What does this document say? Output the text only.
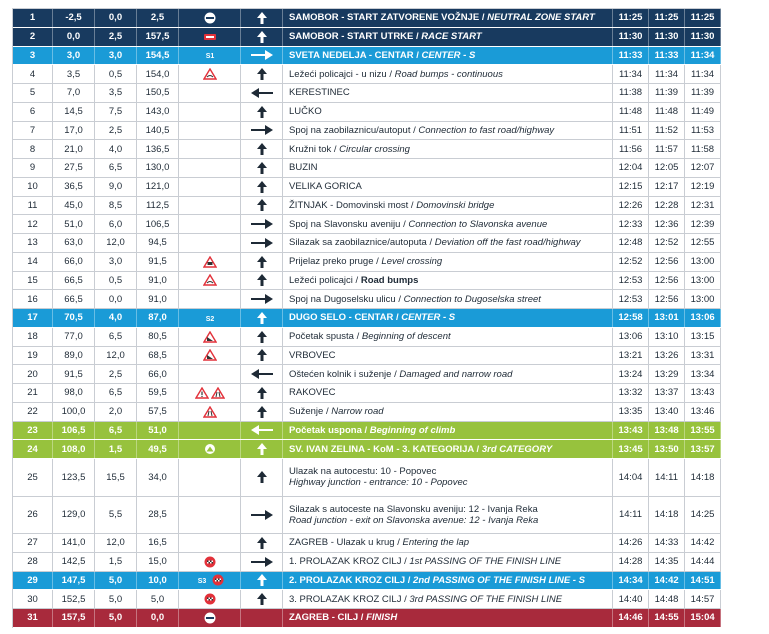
1	-2,5	0,0	2,5	SAMOBOR - START ZATVORENE VOŽNJE / NEUTRAL ZONE START	11:25	11:25	11:25
2	0,0	2,5	157,5	SAMOBOR - START UTRKE / RACE START	11:30	11:30	11:30
3	3,0	3,0	154,5	S1	SVETA NEDELJA - CENTAR / CENTER - S	11:33	11:33	11:34
4	3,5	0,5	154,0	Ležeći policajci - u nizu / Road bumps - continuous	11:34	11:34	11:34
5	7,0	3,5	150,5	KERESTINEC	11:38	11:39	11:39
6	14,5	7,5	143,0	LUČKO	11:48	11:48	11:49
7	17,0	2,5	140,5	Spoj na zaobilaznicu/autoput / Connection to fast road/highway	11:51	11:52	11:53
8	21,0	4,0	136,5	Kružni tok / Circular crossing	11:56	11:57	11:58
9	27,5	6,5	130,0	BUZIN	12:04	12:05	12:07
10	36,5	9,0	121,0	VELIKA GORICA	12:15	12:17	12:19
11	45,0	8,5	112,5	ŽITNJAK - Domovinski most / Domovinski bridge	12:26	12:28	12:31
12	51,0	6,0	106,5	Spoj na Slavonsku aveniju / Connection to Slavonska avenue	12:33	12:36	12:39
13	63,0	12,0	94,5	Silazak sa zaobilaznice/autoputa / Deviation off the fast road/highway	12:48	12:52	12:55
14	66,0	3,0	91,5	Prijelaz preko pruge / Level crossing	12:52	12:56	13:00
15	66,5	0,5	91,0	Ležeći policajci / Road bumps	12:53	12:56	13:00
16	66,5	0,0	91,0	Spoj na Dugoselsku ulicu / Connection to Dugoselska street	12:53	12:56	13:00
17	70,5	4,0	87,0	S2	DUGO SELO - CENTAR / CENTER - S	12:58	13:01	13:06
18	77,0	6,5	80,5	Početak spusta / Beginning of descent	13:06	13:10	13:15
19	89,0	12,0	68,5	VRBOVEC	13:21	13:26	13:31
20	91,5	2,5	66,0	Oštećen kolnik i suženje / Damaged and narrow road	13:24	13:29	13:34
21	98,0	6,5	59,5	RAKOVEC	13:32	13:37	13:43
22	100,0	2,0	57,5	Suženje / Narrow road	13:35	13:40	13:46
23	106,5	6,5	51,0	Početak uspona / Beginning of climb	13:43	13:48	13:55
24	108,0	1,5	49,5	SV. IVAN ZELINA - KoM - 3. KATEGORIJA / 3rd CATEGORY	13:45	13:50	13:57
25	123,5	15,5	34,0	Ulazak na autocestu: 10 - Popovec
Highway junction - entrance: 10 - Popovec	14:04	14:11	14:18
26	129,0	5,5	28,5	Silazak s autoceste na Slavonsku aveniju: 12 - Ivanja Reka
Road junction - exit on Slavonska avenue: 12 - Ivanja Reka	14:11	14:18	14:25
27	141,0	12,0	16,5	ZAGREB - Ulazak u krug / Entering the lap	14:26	14:33	14:42
28	142,5	1,5	15,0	1. PROLAZAK KROZ CILJ / 1st PASSING OF THE FINISH LINE	14:28	14:35	14:44
29	147,5	5,0	10,0	S3	2. PROLAZAK KROZ CILJ / 2nd PASSING OF THE FINISH LINE - S	14:34	14:42	14:51
30	152,5	5,0	5,0	3. PROLAZAK KROZ CILJ / 3rd PASSING OF THE FINISH LINE	14:40	14:48	14:57
31	157,5	5,0	0,0	ZAGREB - CILJ / FINISH	14:46	14:55	15:04
